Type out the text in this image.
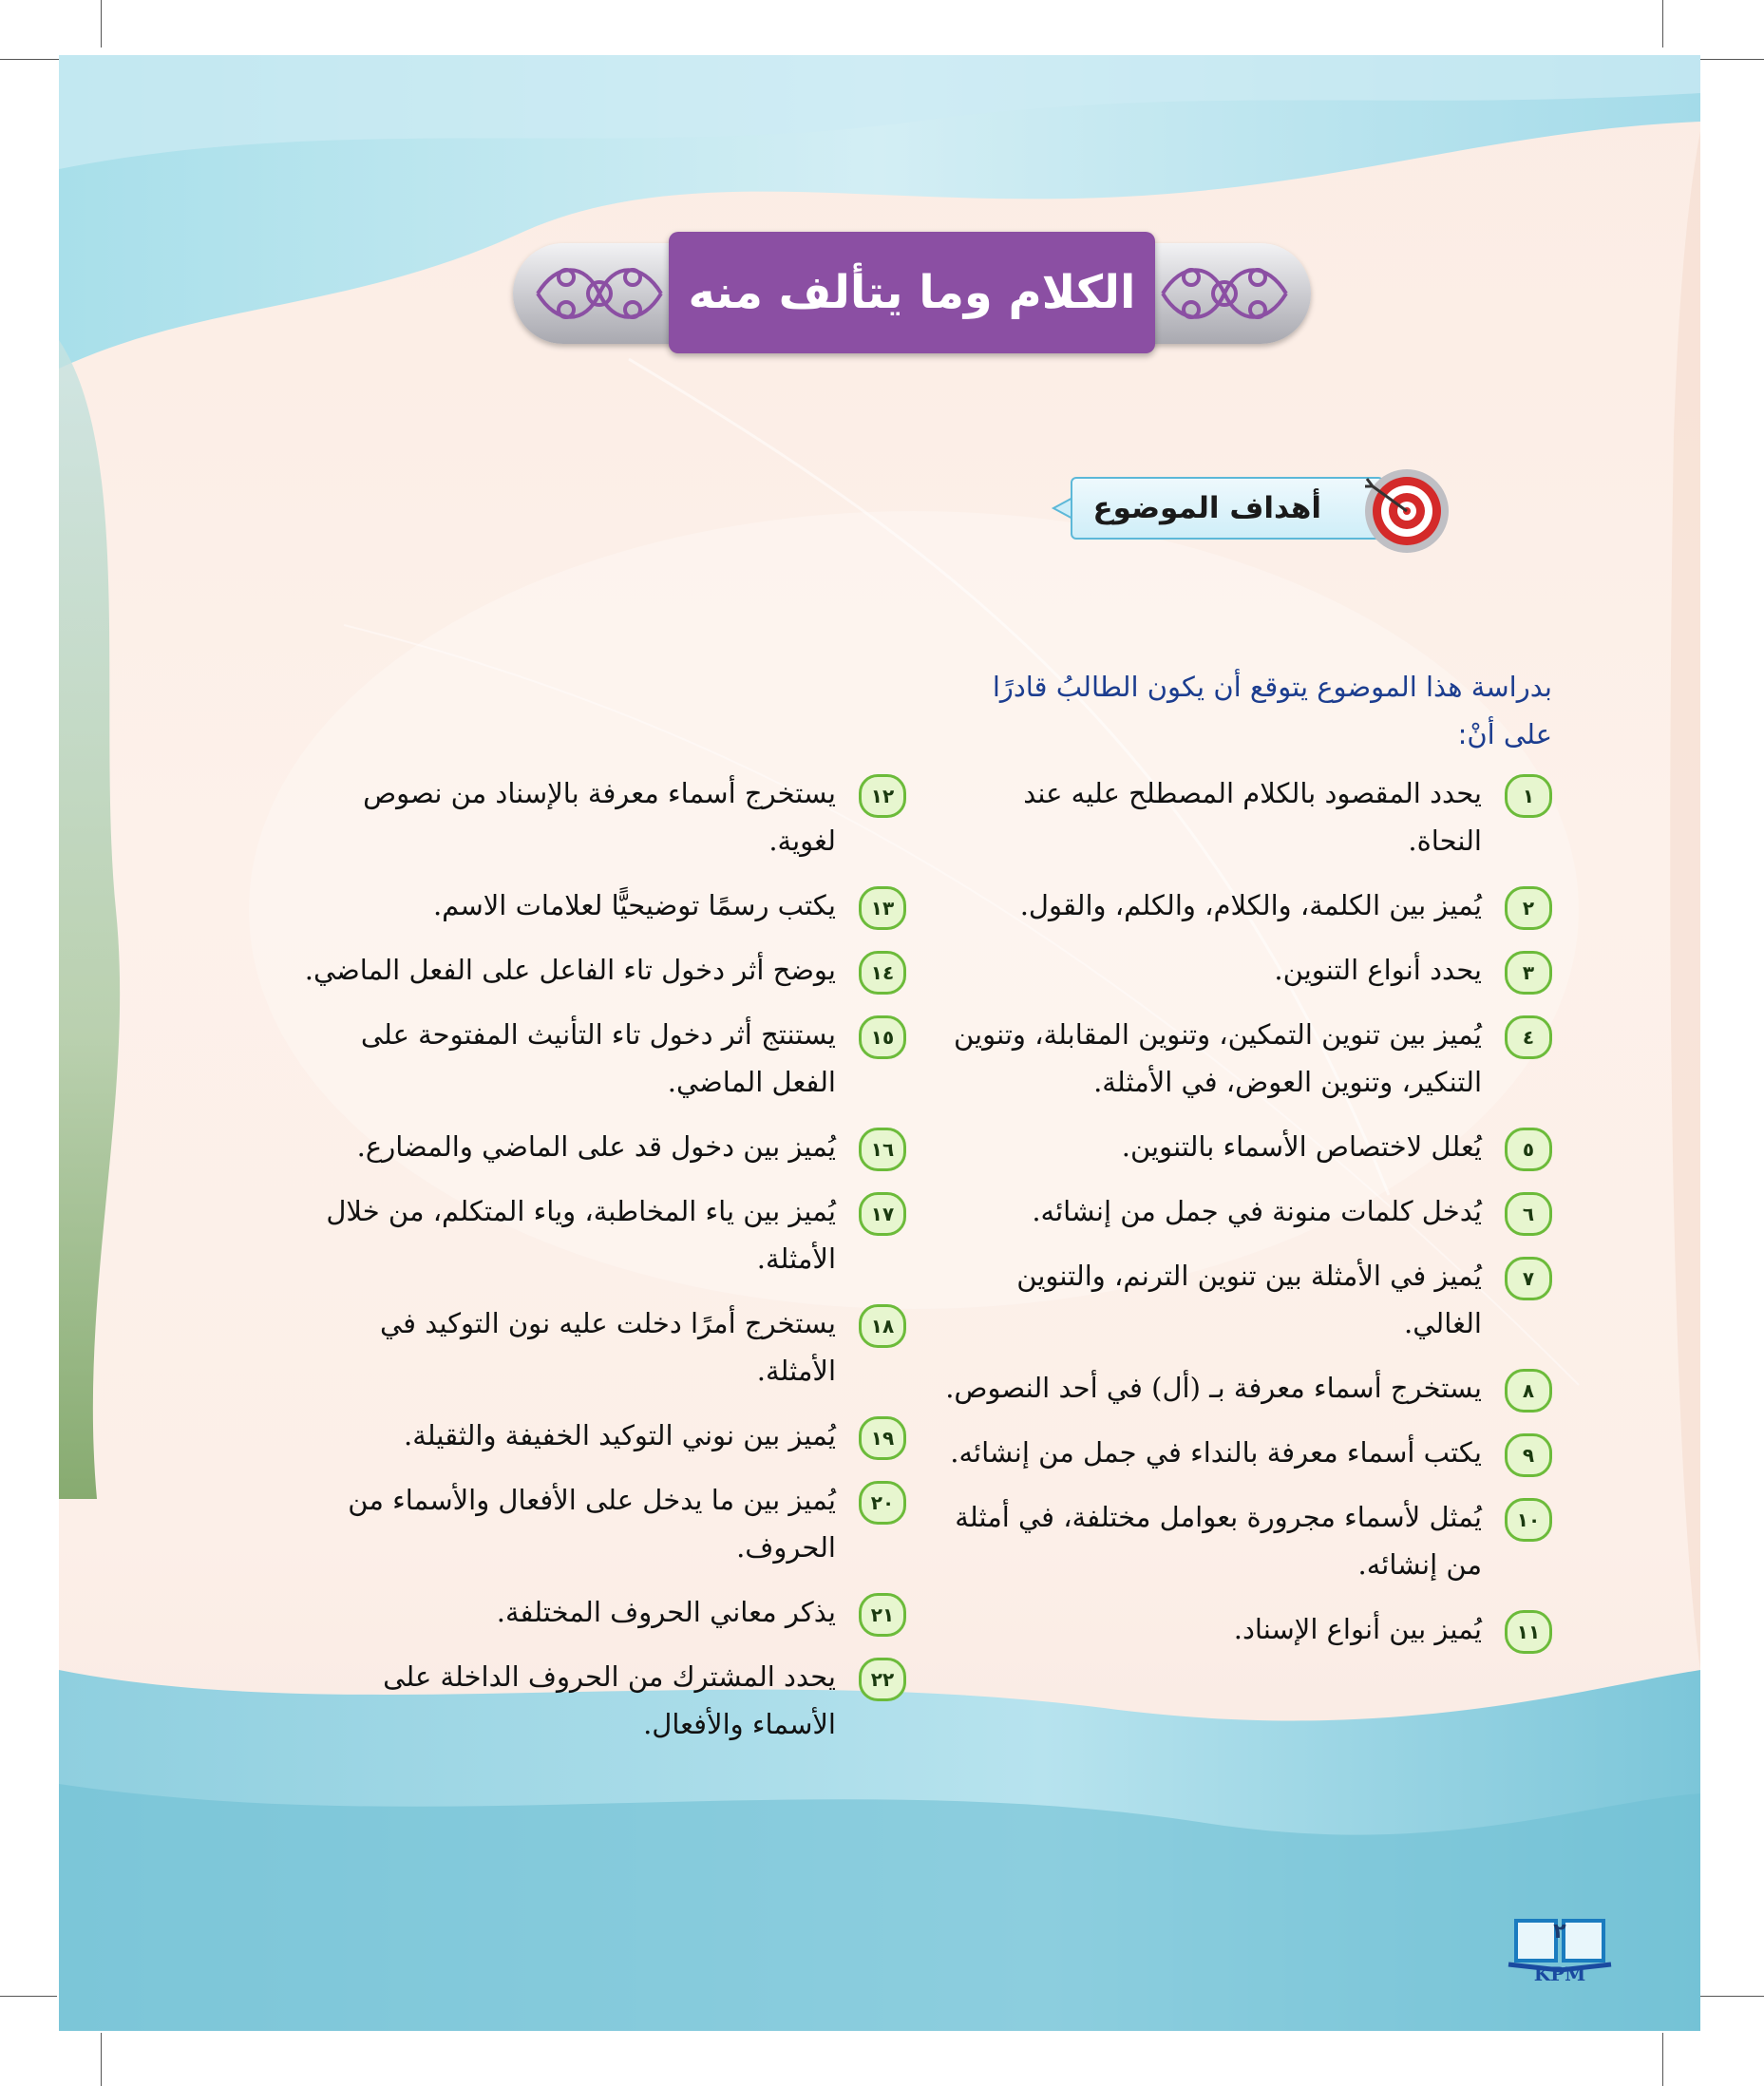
الكلام وما يتألف منه
أهداف الموضوع
بدراسة هذا الموضوع يتوقع أن يكون الطالبُ قادرًا على أنْ:
١
يحدد المقصود بالكلام المصطلح عليه عند النحاة.
٢
يُميز بين الكلمة، والكلام، والكلم، والقول.
٣
يحدد أنواع التنوين.
٤
يُميز بين تنوين التمكين، وتنوين المقابلة، وتنوين التنكير، وتنوين العوض، في الأمثلة.
٥
يُعلل لاختصاص الأسماء بالتنوين.
٦
يُدخل كلمات منونة في جمل من إنشائه.
٧
يُميز في الأمثلة بين تنوين الترنم، والتنوين الغالي.
٨
يستخرج أسماء معرفة بـ (أل) في أحد النصوص.
٩
يكتب أسماء معرفة بالنداء في جمل من إنشائه.
١٠
يُمثل لأسماء مجرورة بعوامل مختلفة، في أمثلة من إنشائه.
١١
يُميز بين أنواع الإسناد.
١٢
يستخرج أسماء معرفة بالإسناد من نصوص لغوية.
١٣
يكتب رسمًا توضيحيًّا لعلامات الاسم.
١٤
يوضح أثر دخول تاء الفاعل على الفعل الماضي.
١٥
يستنتج أثر دخول تاء التأنيث المفتوحة على الفعل الماضي.
١٦
يُميز بين دخول قد على الماضي والمضارع.
١٧
يُميز بين ياء المخاطبة، وياء المتكلم، من خلال الأمثلة.
١٨
يستخرج أمرًا دخلت عليه نون التوكيد في الأمثلة.
١٩
يُميز بين نوني التوكيد الخفيفة والثقيلة.
٢٠
يُميز بين ما يدخل على الأفعال والأسماء من الحروف.
٢١
يذكر معاني الحروف المختلفة.
٢٢
يحدد المشترك من الحروف الداخلة على الأسماء والأفعال.
٢
KPM
